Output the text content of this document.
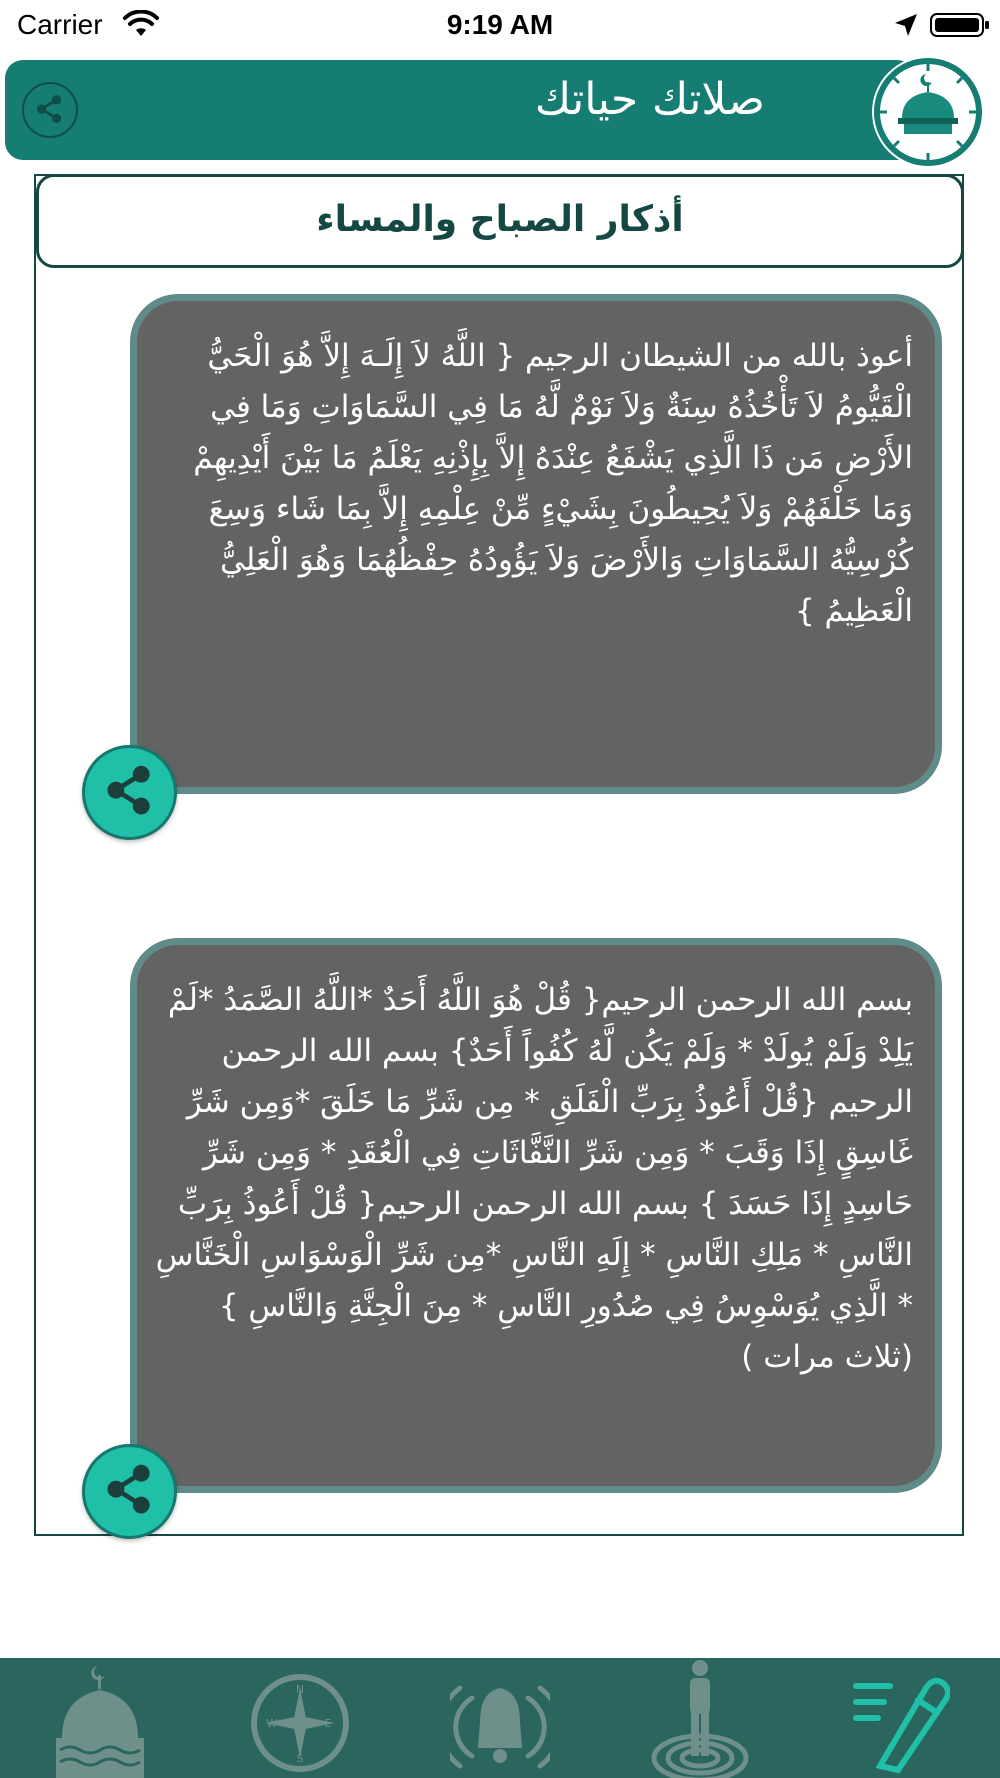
Carrier	9:19 AM
صلاتك حياتك
أذكار الصباح والمساء
أعوذ بالله من الشيطان الرجيم { اللَّهُ لاَ إِلَـهَ إِلاَّ هُوَ الْحَيُّ الْقَيُّومُ لاَ تَأْخُذُهُ سِنَةٌ وَلاَ نَوْمٌ لَّهُ مَا فِي السَّمَاوَاتِ وَمَا فِي الأَرْضِ مَن ذَا الَّذِي يَشْفَعُ عِنْدَهُ إِلاَّ بِإِذْنِهِ يَعْلَمُ مَا بَيْنَ أَيْدِيهِمْ وَمَا خَلْفَهُمْ وَلاَ يُحِيطُونَ بِشَيْءٍ مِّنْ عِلْمِهِ إِلاَّ بِمَا شَاء وَسِعَ كُرْسِيُّهُ السَّمَاوَاتِ وَالأَرْضَ وَلاَ يَؤُودُهُ حِفْظُهُمَا وَهُوَ الْعَلِيُّ الْعَظِيمُ }
بسم الله الرحمن الرحيم{ قُلْ هُوَ اللَّهُ أَحَدٌ *اللَّهُ الصَّمَدُ *لَمْ يَلِدْ وَلَمْ يُولَدْ * وَلَمْ يَكُن لَّهُ كُفُواً أَحَدٌ} بسم الله الرحمن الرحيم {قُلْ أَعُوذُ بِرَبِّ الْفَلَقِ * مِن شَرِّ مَا خَلَقَ *وَمِن شَرِّ غَاسِقٍ إِذَا وَقَبَ * وَمِن شَرِّ النَّفَّاثَاتِ فِي الْعُقَدِ * وَمِن شَرِّ حَاسِدٍ إِذَا حَسَدَ } بسم الله الرحمن الرحيم{ قُلْ أَعُوذُ بِرَبِّ النَّاسِ * مَلِكِ النَّاسِ * إِلَهِ النَّاسِ *مِن شَرِّ الْوَسْوَاسِ الْخَنَّاسِ * الَّذِي يُوَسْوِسُ فِي صُدُورِ النَّاسِ * مِنَ الْجِنَّةِ وَالنَّاسِ }(ثلاث مرات )
N
E
W
S
